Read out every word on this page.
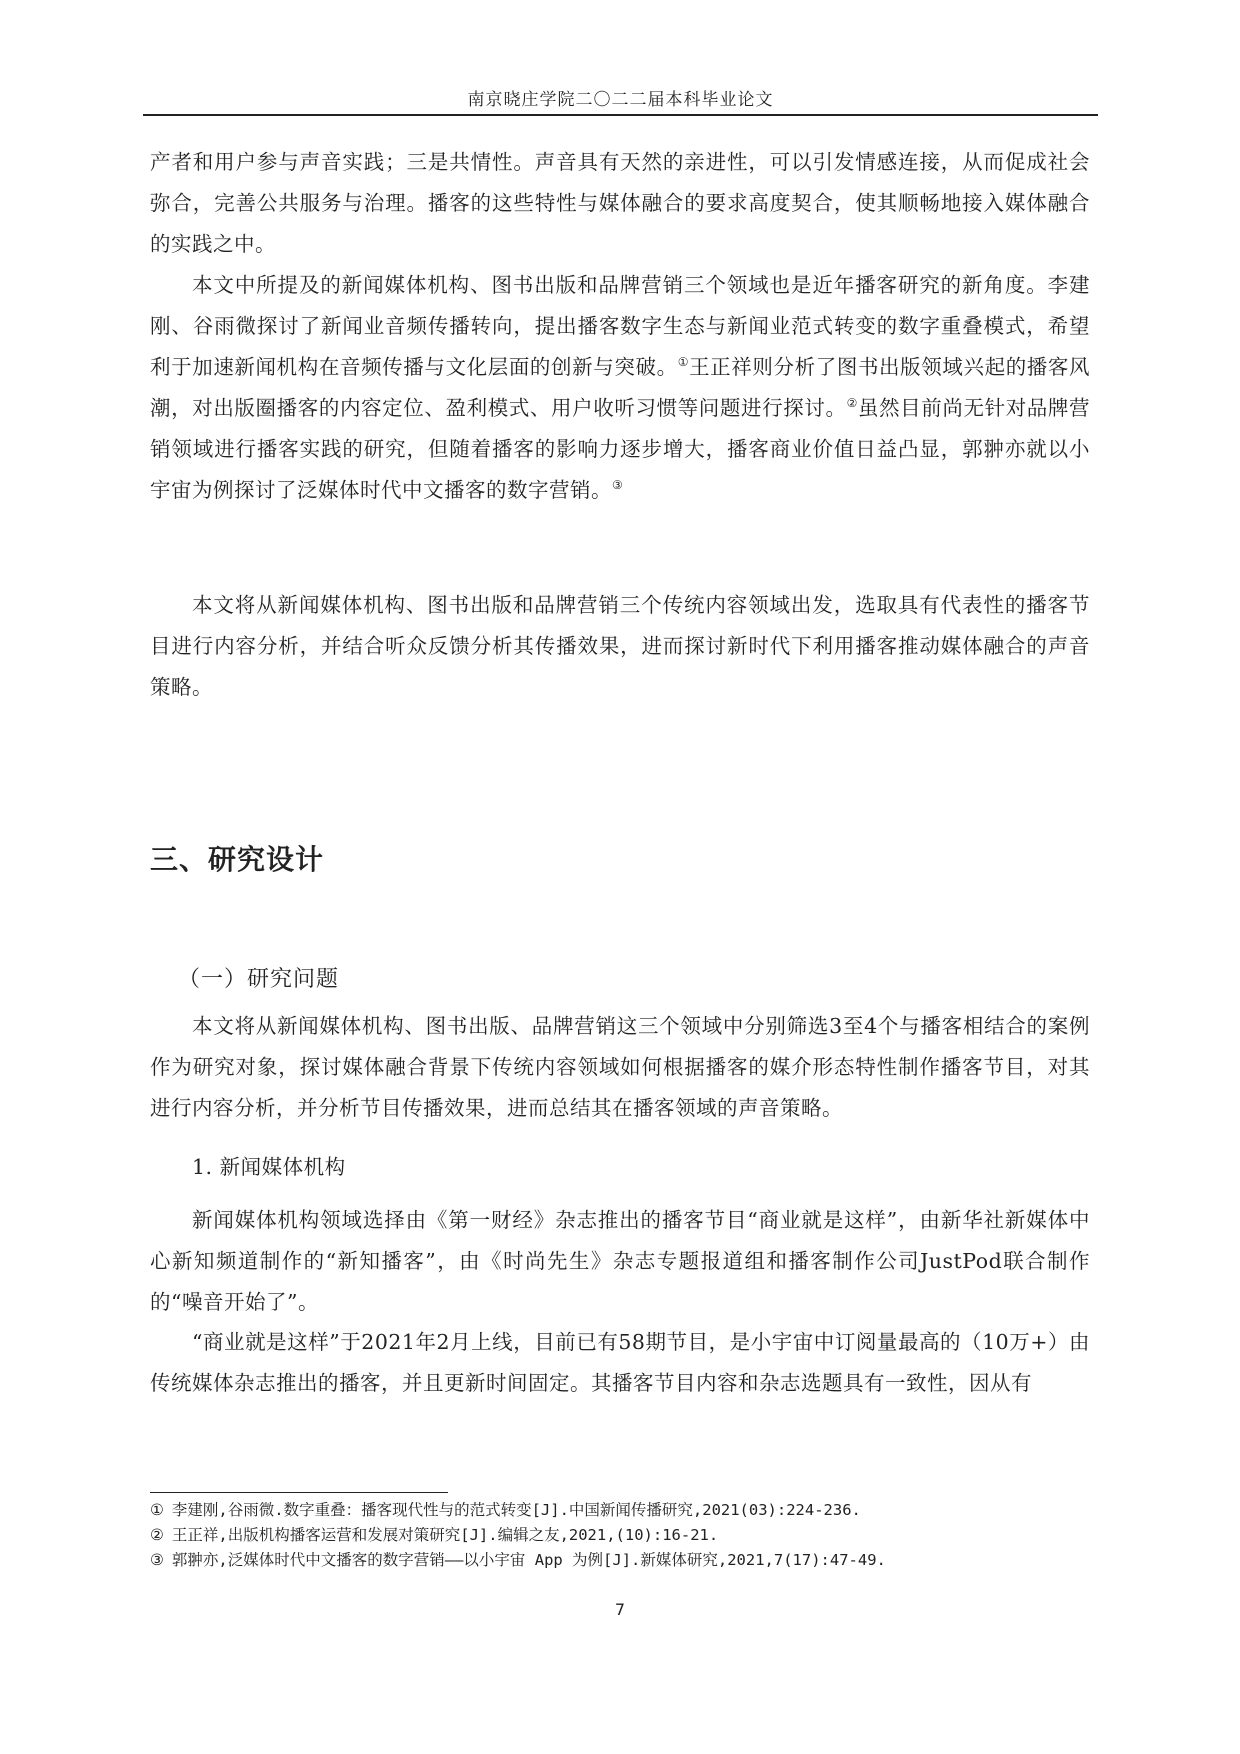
南京晓庄学院二〇二二届本科毕业论文

产者和用户参与声音实践；三是共情性。声音具有天然的亲进性，可以引发情感连接，从而促成社会弥合，完善公共服务与治理。播客的这些特性与媒体融合的要求高度契合，使其顺畅地接入媒体融合的实践之中。

本文中所提及的新闻媒体机构、图书出版和品牌营销三个领域也是近年播客研究的新角度。李建刚、谷雨微探讨了新闻业音频传播转向，提出播客数字生态与新闻业范式转变的数字重叠模式，希望利于加速新闻机构在音频传播与文化层面的创新与突破。①王正祥则分析了图书出版领域兴起的播客风潮，对出版圈播客的内容定位、盈利模式、用户收听习惯等问题进行探讨。②虽然目前尚无针对品牌营销领域进行播客实践的研究，但随着播客的影响力逐步增大，播客商业价值日益凸显，郭翀亦就以小宇宙为例探讨了泛媒体时代中文播客的数字营销。③

本文将从新闻媒体机构、图书出版和品牌营销三个传统内容领域出发，选取具有代表性的播客节目进行内容分析，并结合听众反馈分析其传播效果，进而探讨新时代下利用播客推动媒体融合的声音策略。

三、研究设计
（一）研究问题

本文将从新闻媒体机构、图书出版、品牌营销这三个领域中分别筛选3至4个与播客相结合的案例作为研究对象，探讨媒体融合背景下传统内容领域如何根据播客的媒介形态特性制作播客节目，对其进行内容分析，并分析节目传播效果，进而总结其在播客领域的声音策略。

1. 新闻媒体机构

新闻媒体机构领域选择由《第一财经》杂志推出的播客节目“商业就是这样”，由新华社新媒体中心新知频道制作的“新知播客”，由《时尚先生》杂志专题报道组和播客制作公司JustPod联合制作的“噪音开始了”。

“商业就是这样”于2021年2月上线，目前已有58期节目，是小宇宙中订阅量最高的（10万+）由传统媒体杂志推出的播客，并且更新时间固定。其播客节目内容和杂志选题具有一致性，因从有

① 李建刚,谷雨微.数字重叠：播客现代性与的范式转变[J].中国新闻传播研究,2021(03):224-236.
② 王正祥,出版机构播客运营和发展对策研究[J].编辑之友,2021,(10):16-21.
③ 郭翀亦,泛媒体时代中文播客的数字营销——以小宇宙 App 为例[J].新媒体研究,2021,7(17):47-49.
7
